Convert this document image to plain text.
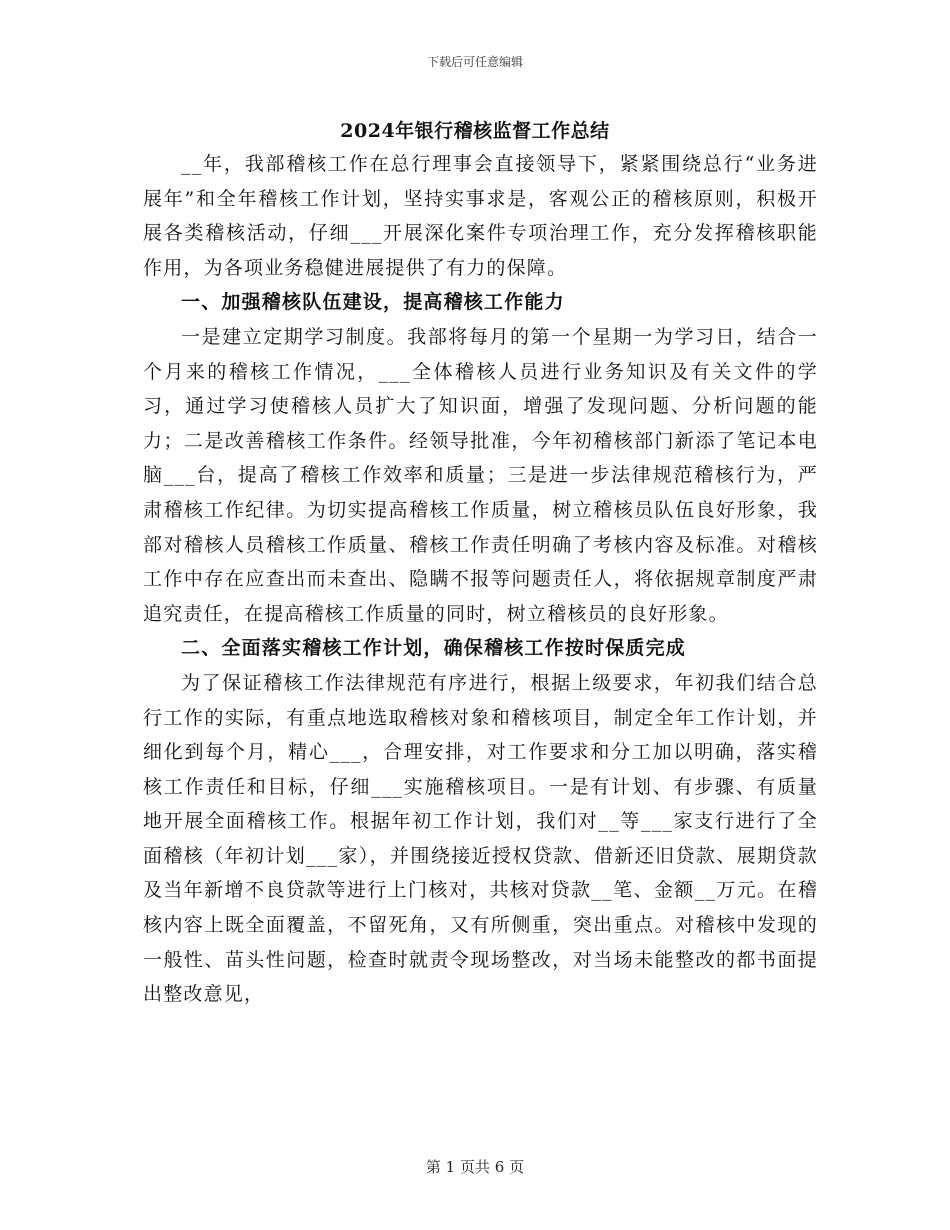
下载后可任意编辑
2024年银行稽核监督工作总结

__年，我部稽核工作在总行理事会直接领导下，紧紧围绕总行“业务进展年”和全年稽核工作计划，坚持实事求是，客观公正的稽核原则，积极开展各类稽核活动，仔细___开展深化案件专项治理工作，充分发挥稽核职能作用，为各项业务稳健进展提供了有力的保障。

一、加强稽核队伍建设，提高稽核工作能力

一是建立定期学习制度。我部将每月的第一个星期一为学习日，结合一个月来的稽核工作情况，___全体稽核人员进行业务知识及有关文件的学习，通过学习使稽核人员扩大了知识面，增强了发现问题、分析问题的能力；二是改善稽核工作条件。经领导批准，今年初稽核部门新添了笔记本电脑___台，提高了稽核工作效率和质量；三是进一步法律规范稽核行为，严肃稽核工作纪律。为切实提高稽核工作质量，树立稽核员队伍良好形象，我部对稽核人员稽核工作质量、稽核工作责任明确了考核内容及标准。对稽核工作中存在应查出而未查出、隐瞒不报等问题责任人，将依据规章制度严肃追究责任，在提高稽核工作质量的同时，树立稽核员的良好形象。

二、全面落实稽核工作计划，确保稽核工作按时保质完成

为了保证稽核工作法律规范有序进行，根据上级要求，年初我们结合总行工作的实际，有重点地选取稽核对象和稽核项目，制定全年工作计划，并细化到每个月，精心___，合理安排，对工作要求和分工加以明确，落实稽核工作责任和目标，仔细___实施稽核项目。一是有计划、有步骤、有质量地开展全面稽核工作。根据年初工作计划，我们对__等___家支行进行了全面稽核（年初计划___家），并围绕接近授权贷款、借新还旧贷款、展期贷款及当年新增不良贷款等进行上门核对，共核对贷款__笔、金额__万元。在稽核内容上既全面覆盖，不留死角，又有所侧重，突出重点。对稽核中发现的一般性、苗头性问题，检查时就责令现场整改，对当场未能整改的都书面提出整改意见，

第 1 页共 6 页
